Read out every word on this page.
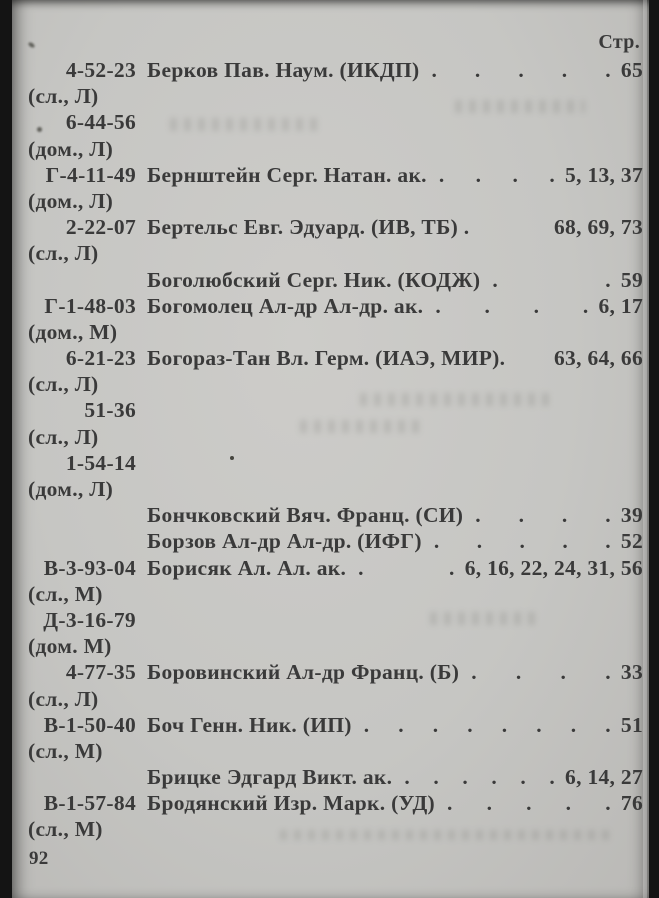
Стр.
4-52-23 Берков Пав. Наум. (ИКДП) . . . . . 65
(сл., Л)
6-44-56
(дом., Л)
Г-4-11-49 Бернштейн Серг. Натан. ак. . . . . 5, 13, 37
(дом., Л)
2-22-07 Бертельс Евг. Эдуард. (ИВ, ТБ) .	68, 69, 73
(сл., Л)
Боголюбский Серг. Ник. (КОДЖ) . . 59
Г-1-48-03 Богомолец Ал-др Ал-др. ак. . . . . 6, 17
(дом., М)
6-21-23 Богораз-Тан Вл. Герм. (ИАЭ, МИР). 63, 64, 66
(сл., Л)
51-36
(сл., Л)
1-54-14
(дом., Л)
Бончковский Вяч. Франц. (СИ) . . . . 39
Борзов Ал-др Ал-др. (ИФГ) . . . . . 52
В-3-93-04 Борисяк Ал. Ал. ак. . . 6, 16, 22, 24, 31, 56
(сл., М)
Д-3-16-79
(дом. М)
4-77-35 Боровинский Ал-др Франц. (Б) . . . . 33
(сл., Л)
В-1-50-40 Боч Генн. Ник. (ИП) . . . . . . . . 51
(сл., М)
Брицке Эдгард Викт. ак. . . . . . . 6, 14, 27
В-1-57-84 Бродянский Изр. Марк. (УД) . . . . . 76
(сл., М)
92
